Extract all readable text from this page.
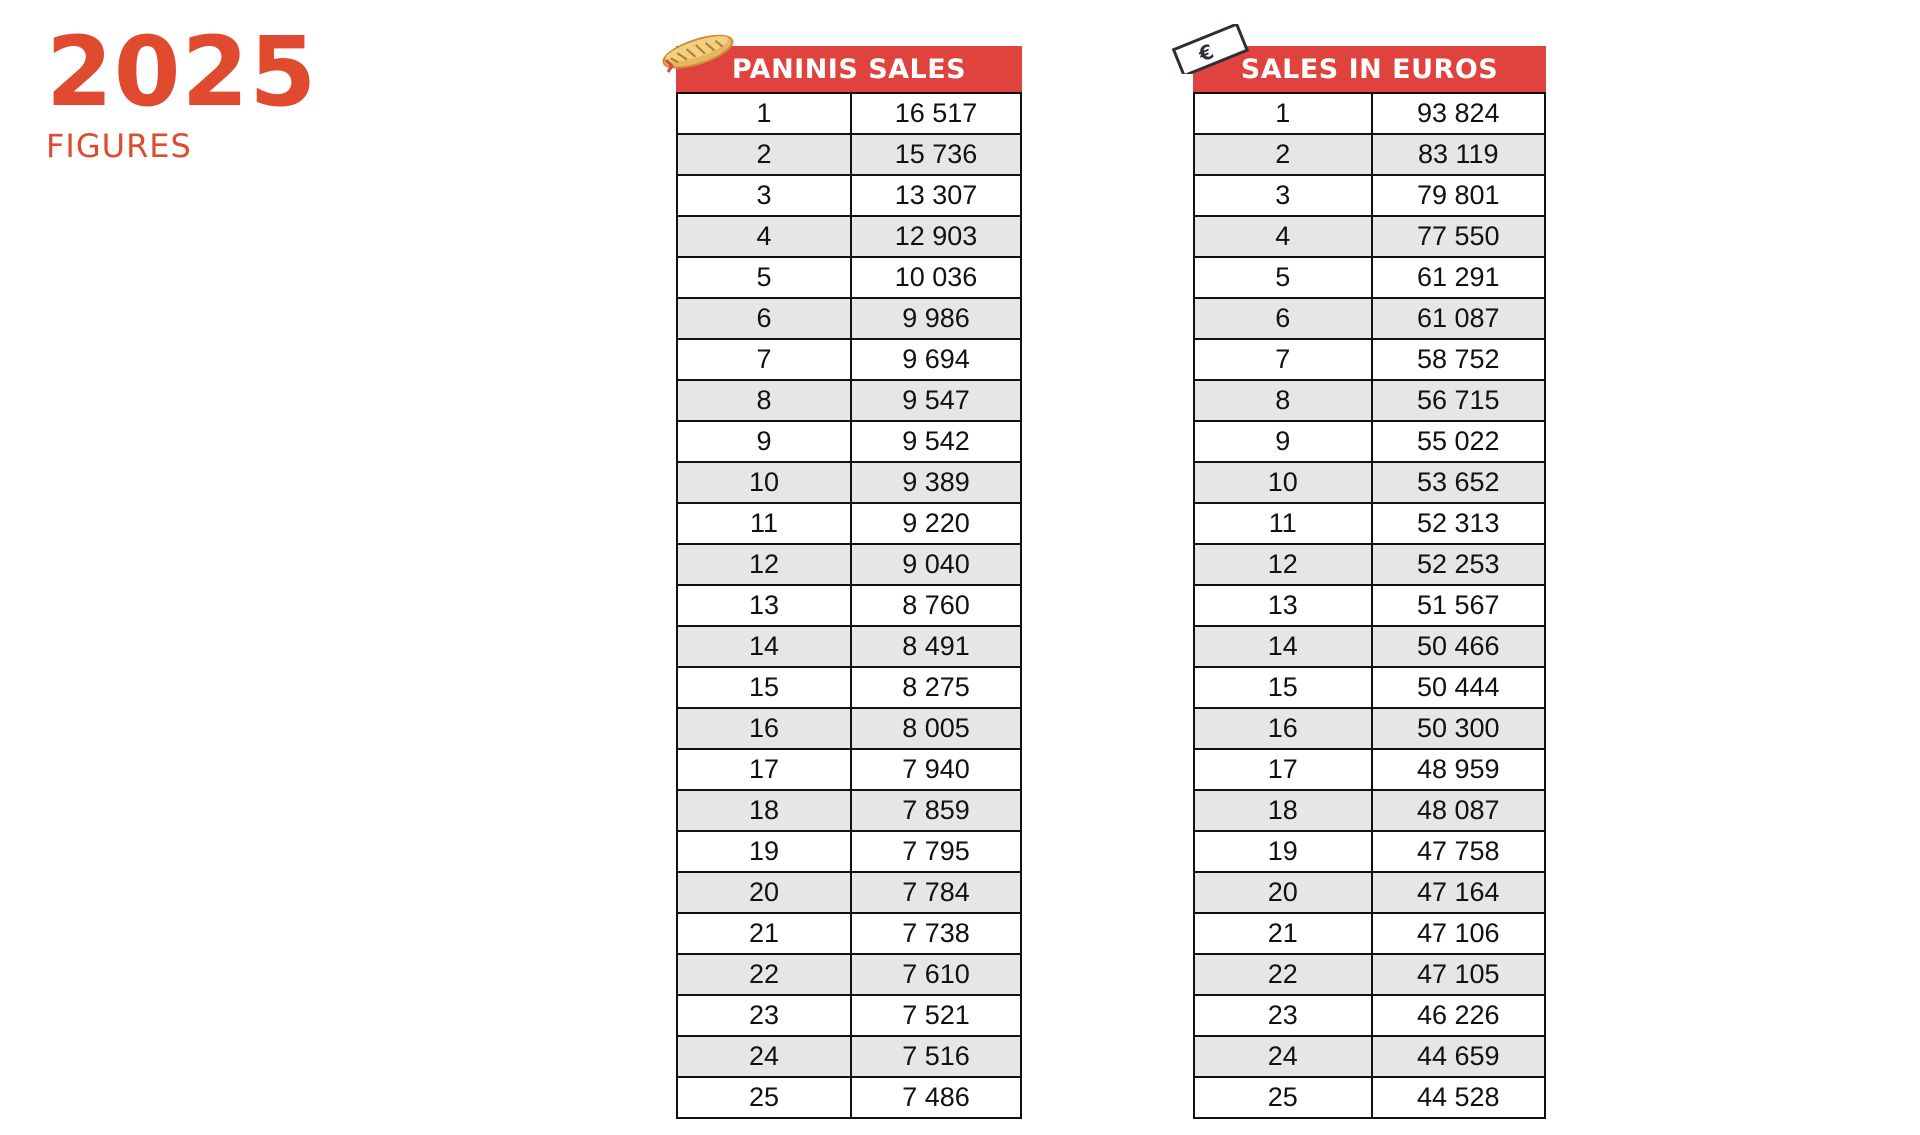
2025
FIGURES
PANINIS SALES
1	16 517
2	15 736
3	13 307
4	12 903
5	10 036
6	9 986
7	9 694
8	9 547
9	9 542
10	9 389
11	9 220
12	9 040
13	8 760
14	8 491
15	8 275
16	8 005
17	7 940
18	7 859
19	7 795
20	7 784
21	7 738
22	7 610
23	7 521
24	7 516
25	7 486
SALES IN EUROS
1	93 824
2	83 119
3	79 801
4	77 550
5	61 291
6	61 087
7	58 752
8	56 715
9	55 022
10	53 652
11	52 313
12	52 253
13	51 567
14	50 466
15	50 444
16	50 300
17	48 959
18	48 087
19	47 758
20	47 164
21	47 106
22	47 105
23	46 226
24	44 659
25	44 528
€
